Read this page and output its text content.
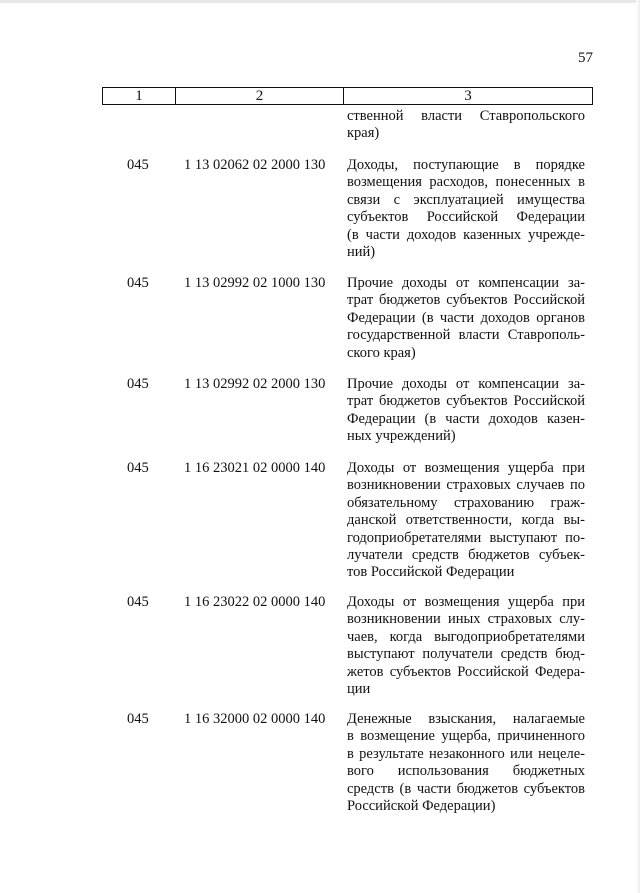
57
1	2	3
ственной власти Ставропольского
края)
045 1 13 02062 02 2000 130 Доходы, поступающие в порядке
возмещения расходов, понесенных в
связи с эксплуатацией имущества
субъектов Российской Федерации
(в части доходов казенных учрежде-
ний)
045 1 13 02992 02 1000 130 Прочие доходы от компенсации за-
трат бюджетов субъектов Российской
Федерации (в части доходов органов
государственной власти Ставрополь-
ского края)
045 1 13 02992 02 2000 130 Прочие доходы от компенсации за-
трат бюджетов субъектов Российской
Федерации (в части доходов казен-
ных учреждений)
045 1 16 23021 02 0000 140 Доходы от возмещения ущерба при
возникновении страховых случаев по
обязательному страхованию граж-
данской ответственности, когда вы-
годоприобретателями выступают по-
лучатели средств бюджетов субъек-
тов Российской Федерации
045 1 16 23022 02 0000 140 Доходы от возмещения ущерба при
возникновении иных страховых слу-
чаев, когда выгодоприобретателями
выступают получатели средств бюд-
жетов субъектов Российской Федера-
ции
045 1 16 32000 02 0000 140 Денежные взыскания, налагаемые
в возмещение ущерба, причиненного
в результате незаконного или нецеле-
вого использования бюджетных
средств (в части бюджетов субъектов
Российской Федерации)
